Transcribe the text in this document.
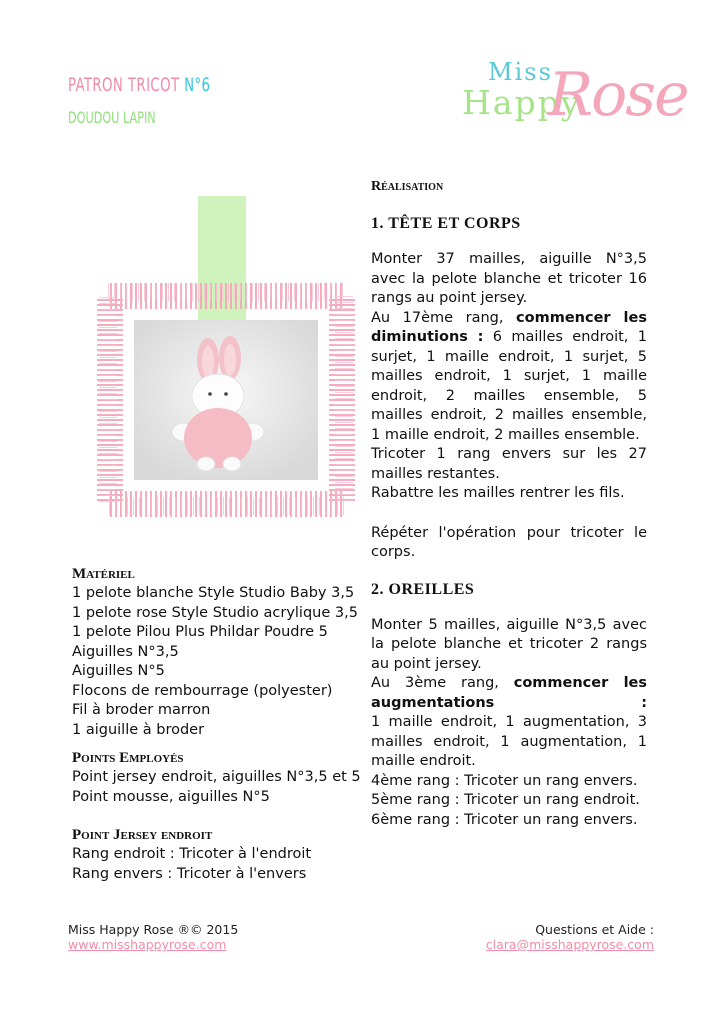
PATRON TRICOT N°6
DOUDOU LAPIN
Miss
Happy
Rose
Matériel
1 pelote blanche Style Studio Baby 3,5
1 pelote rose Style Studio acrylique 3,5
1 pelote Pilou Plus Phildar Poudre 5
Aiguilles N°3,5
Aiguilles N°5
Flocons de rembourrage (polyester)
Fil à broder marron
1 aiguille à broder
Points Employés
Point jersey endroit, aiguilles N°3,5 et 5
Point mousse, aiguilles N°5
Point Jersey endroit
Rang endroit : Tricoter à l'endroit
Rang envers : Tricoter à l'envers
Réalisation
1. TÊTE ET CORPS
Monter 37 mailles, aiguille N°3,5 avec la pelote blanche et tricoter 16 rangs au point jersey.
Au 17ème rang, commencer les diminutions : 6 mailles endroit, 1 surjet, 1 maille endroit, 1 surjet, 5 mailles endroit, 1 surjet, 1 maille endroit, 2 mailles ensemble, 5 mailles endroit, 2 mailles ensemble, 1 maille endroit, 2 mailles ensemble.
Tricoter 1 rang envers sur les 27 mailles restantes.
Rabattre les mailles rentrer les fils.
Répéter l'opération pour tricoter le corps.
2. OREILLES
Monter 5 mailles, aiguille N°3,5 avec la pelote blanche et tricoter 2 rangs au point jersey.
Au 3ème rang, commencer les augmentations :
1 maille endroit, 1 augmentation, 3 mailles endroit, 1 augmentation, 1 maille endroit.
4ème rang : Tricoter un rang envers.
5ème rang : Tricoter un rang endroit.
6ème rang : Tricoter un rang envers.
Miss Happy Rose ®© 2015
www.misshappyrose.com
Questions et Aide :
clara@misshappyrose.com
